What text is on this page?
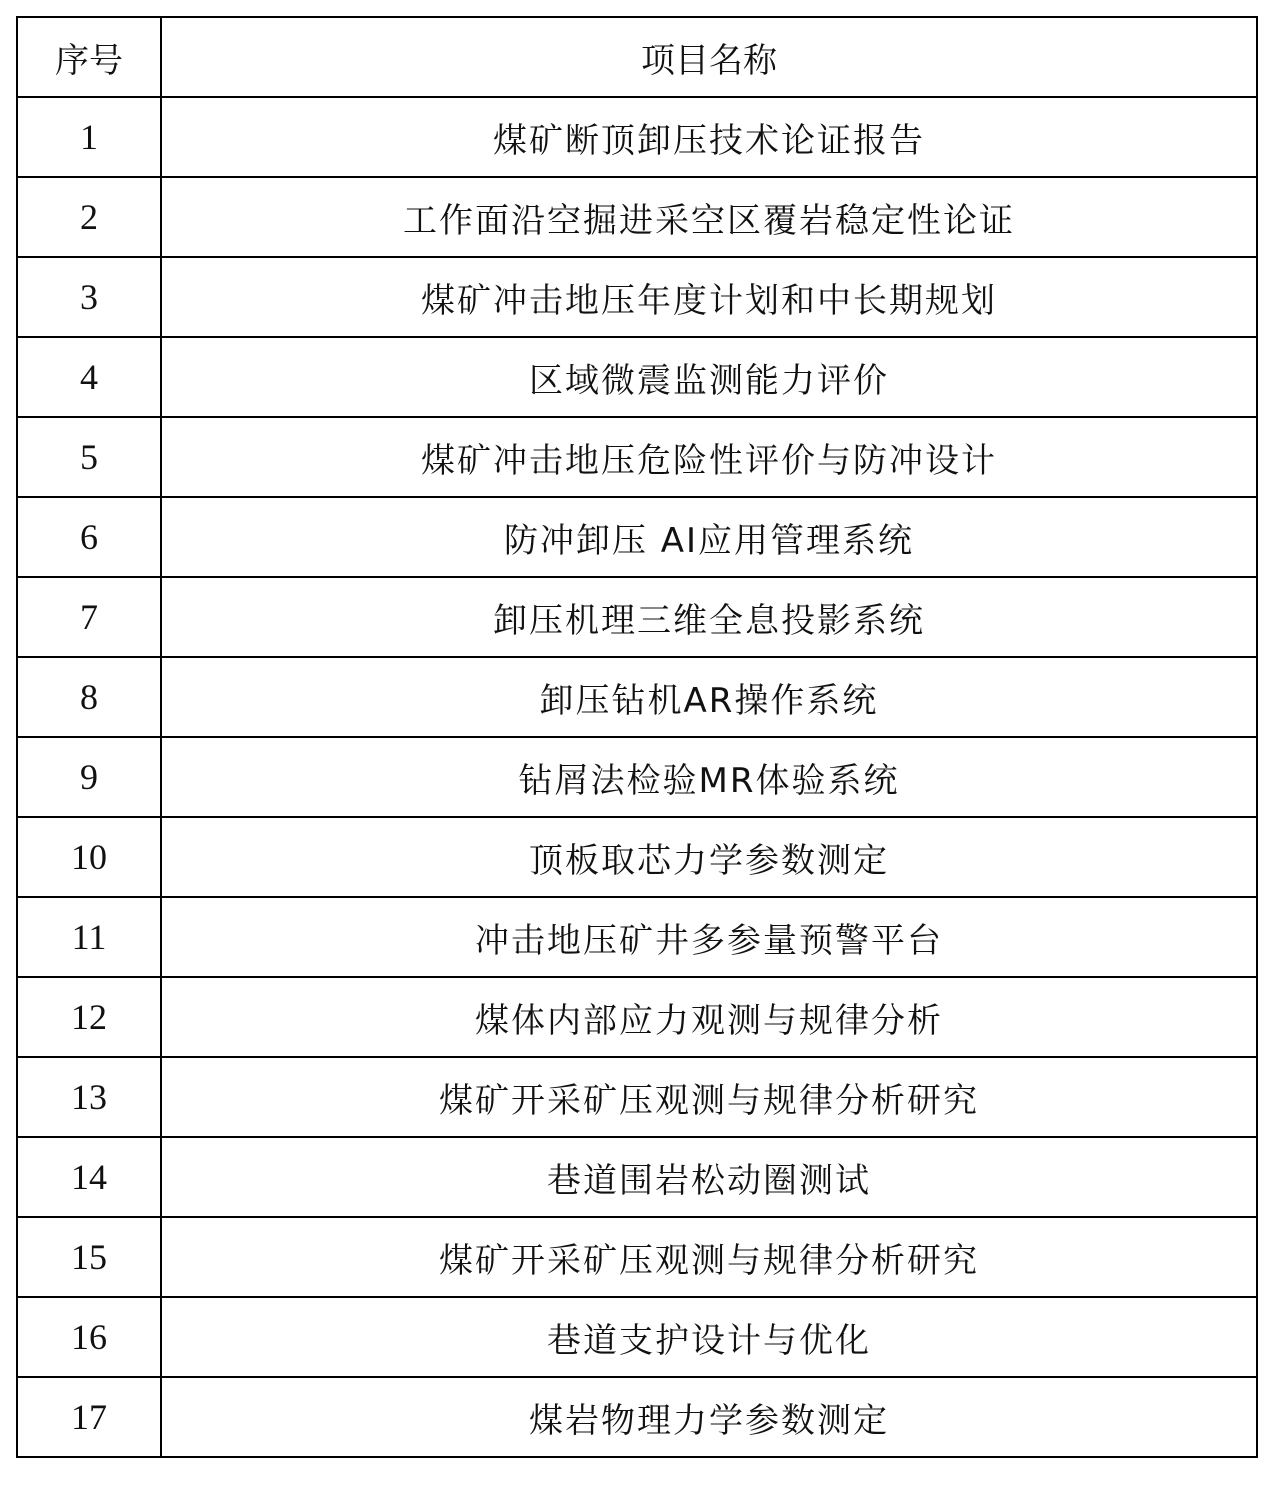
序号	项目名称
1	煤矿断顶卸压技术论证报告
2	工作面沿空掘进采空区覆岩稳定性论证
3	煤矿冲击地压年度计划和中长期规划
4	区域微震监测能力评价
5	煤矿冲击地压危险性评价与防冲设计
6	防冲卸压 AI应用管理系统
7	卸压机理三维全息投影系统
8	卸压钻机AR操作系统
9	钻屑法检验MR体验系统
10	顶板取芯力学参数测定
11	冲击地压矿井多参量预警平台
12	煤体内部应力观测与规律分析
13	煤矿开采矿压观测与规律分析研究
14	巷道围岩松动圈测试
15	煤矿开采矿压观测与规律分析研究
16	巷道支护设计与优化
17	煤岩物理力学参数测定
